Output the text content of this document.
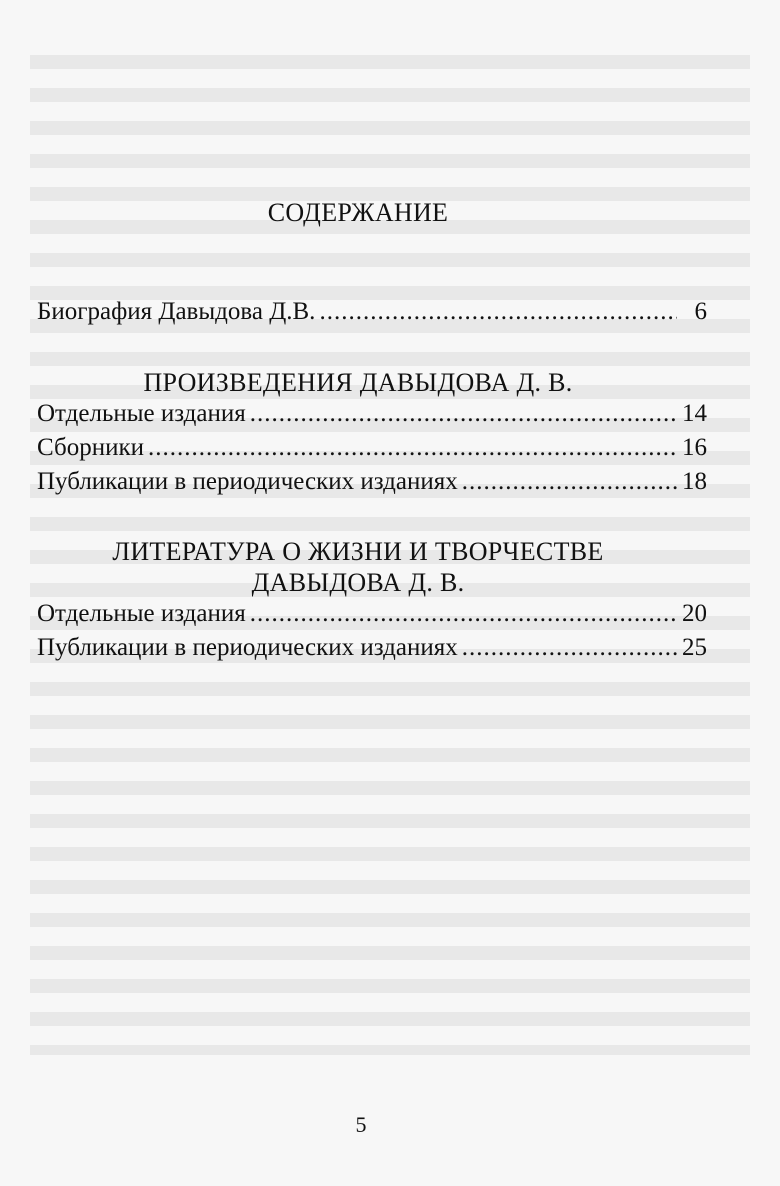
СОДЕРЖАНИЕ
Биография Давыдова Д.В. .....	6
ПРОИЗВЕДЕНИЯ ДАВЫДОВА Д. В.
Отдельные издания .....	14
Сборники .....	16
Публикации в периодических изданиях .....	18
ЛИТЕРАТУРА О ЖИЗНИ И ТВОРЧЕСТВЕ
ДАВЫДОВА Д. В.
Отдельные издания .....	20
Публикации в периодических изданиях .....	25
5
